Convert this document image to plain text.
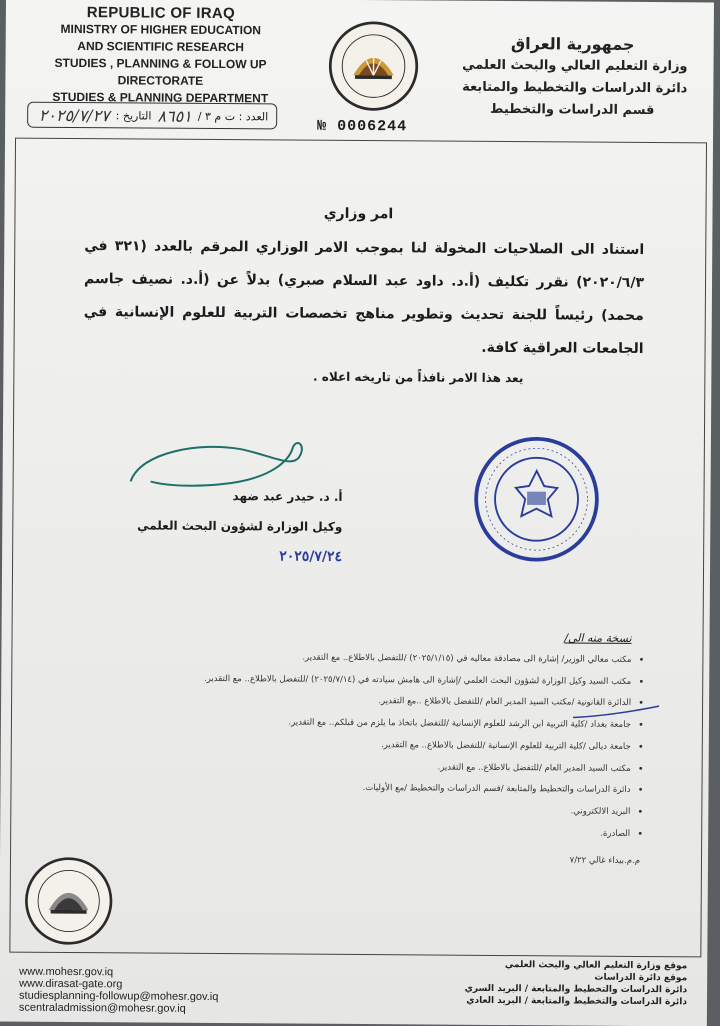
REPUBLIC OF IRAQ
MINISTRY OF HIGHER EDUCATION
AND SCIENTIFIC RESEARCH
STUDIES , PLANNING & FOLLOW UP DIRECTORATE
STUDIES & PLANNING DEPARTMENT
العدد : ت م ٣ /
٨٦٥١
التاريخ :
٢٠٢٥/٧/٢٧
№ 0006244
جمهورية العراق
وزارة التعليم العالي والبحث العلمي
دائرة الدراسات والتخطيط والمتابعة
قسم الدراسات والتخطيط
امر وزاري
استناد الى الصلاحيات المخولة لنا بموجب الامر الوزاري المرقم بالعدد (٣٢١ في ٢٠٢٠/٦/٣) نقرر تكليف (أ.د. داود عبد السلام صبري) بدلاً عن (أ.د. نصيف جاسم محمد) رئيساً للجنة تحديث وتطوير مناهج تخصصات التربية للعلوم الإنسانية في الجامعات العراقية كافة.
يعد هذا الامر نافذاً من تاريخه اعلاه .
أ. د. حيدر عبد ضهد
وكيل الوزارة لشؤون البحث العلمي
٢٠٢٥/٧/٢٤
نسخة منه الى/
• مكتب معالي الوزير/ إشارة الى مصادقة معاليه في (٢٠٢٥/١/١٥) /للتفضل بالاطلاع.. مع التقدير.
• مكتب السيد وكيل الوزارة لشؤون البحث العلمي /إشارة الى هامش سيادته في (٢٠٢٥/٧/١٤) /للتفضل بالاطلاع.. مع التقدير.
• الدائرة القانونية /مكتب السيد المدير العام /للتفضل بالاطلاع ..مع التقدير.
• جامعة بغداد /كلية التربية ابن الرشد للعلوم الإنسانية /للتفضل باتخاذ ما يلزم من قبلكم.. مع التقدير.
• جامعة ديالى /كلية التربية للعلوم الإنسانية /للتفضل بالاطلاع.. مع التقدير.
• مكتب السيد المدير العام /للتفضل بالاطلاع.. مع التقدير.
• دائرة الدراسات والتخطيط والمتابعة /قسم الدراسات والتخطيط /مع الأوليات.
• البريد الالكتروني.
• الصادرة.
م.م.بيداء غالي ٧/٢٢
www.mohesr.gov.iq
www.dirasat-gate.org
studiesplanning-followup@mohesr.gov.iq
scentraladmission@mohesr.gov.iq
موقع وزارة التعليم العالي والبحث العلمي
موقع دائرة الدراسات
دائرة الدراسات والتخطيط والمتابعة / البريد السري
دائرة الدراسات والتخطيط والمتابعة / البريد العادي
